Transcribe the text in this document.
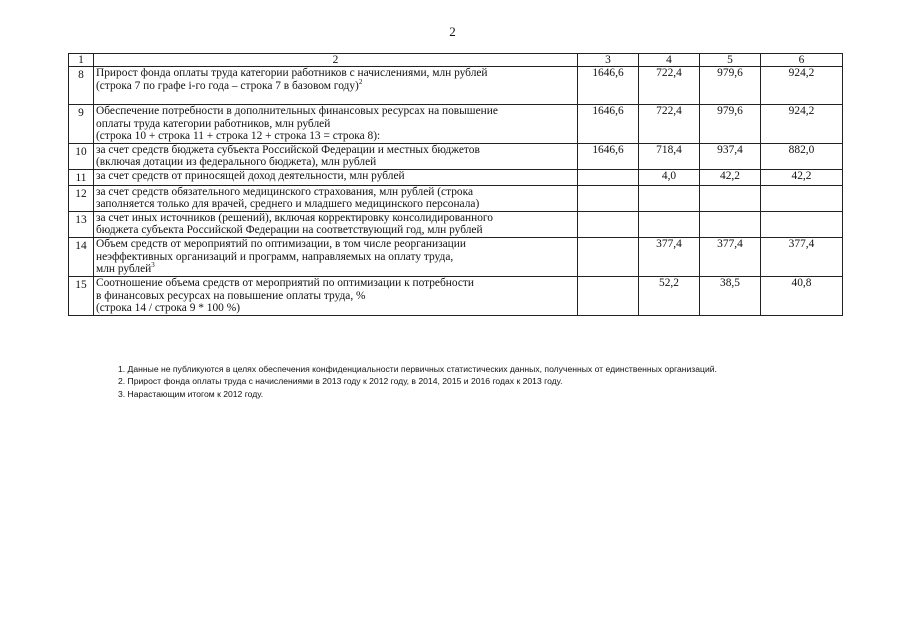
2
1	2	3	4	5	6
8	Прирост фонда оплаты труда категории работников с начислениями, млн рублей
(строка 7 по графе i-го года – строка 7 в базовом году)$^2$	1646,6	722,4	979,6	924,2
9	Обеспечение потребности в дополнительных финансовых ресурсах на повышение
оплаты труда категории работников, млн рублей
(строка 10 + строка 11 + строка 12 + строка 13 = строка 8):	1646,6	722,4	979,6	924,2
10	за счет средств бюджета субъекта Российской Федерации и местных бюджетов
(включая дотации из федерального бюджета), млн рублей	1646,6	718,4	937,4	882,0
11	за счет средств от приносящей доход деятельности, млн рублей		4,0	42,2	42,2
12	за счет средств обязательного медицинского страхования, млн рублей (строка
заполняется только для врачей, среднего и младшего медицинского персонала)				
13	за счет иных источников (решений), включая корректировку консолидированного
бюджета субъекта Российской Федерации на соответствующий год, млн рублей				
14	Объем средств от мероприятий по оптимизации, в том числе реорганизации
неэффективных организаций и программ, направляемых на оплату труда,
млн рублей$^3$		377,4	377,4	377,4
15	Соотношение объема средств от мероприятий по оптимизации к потребности
в финансовых ресурсах на повышение оплаты труда, %
(строка 14 / строка 9 * 100 %)		52,2	38,5	40,8

1. Данные не публикуются в целях обеспечения конфиденциальности первичных статистических данных, полученных от единственных организаций.

2. Прирост фонда оплаты труда с начислениями в 2013 году к 2012 году, в 2014, 2015 и 2016 годах к 2013 году.

3. Нарастающим итогом к 2012 году.
